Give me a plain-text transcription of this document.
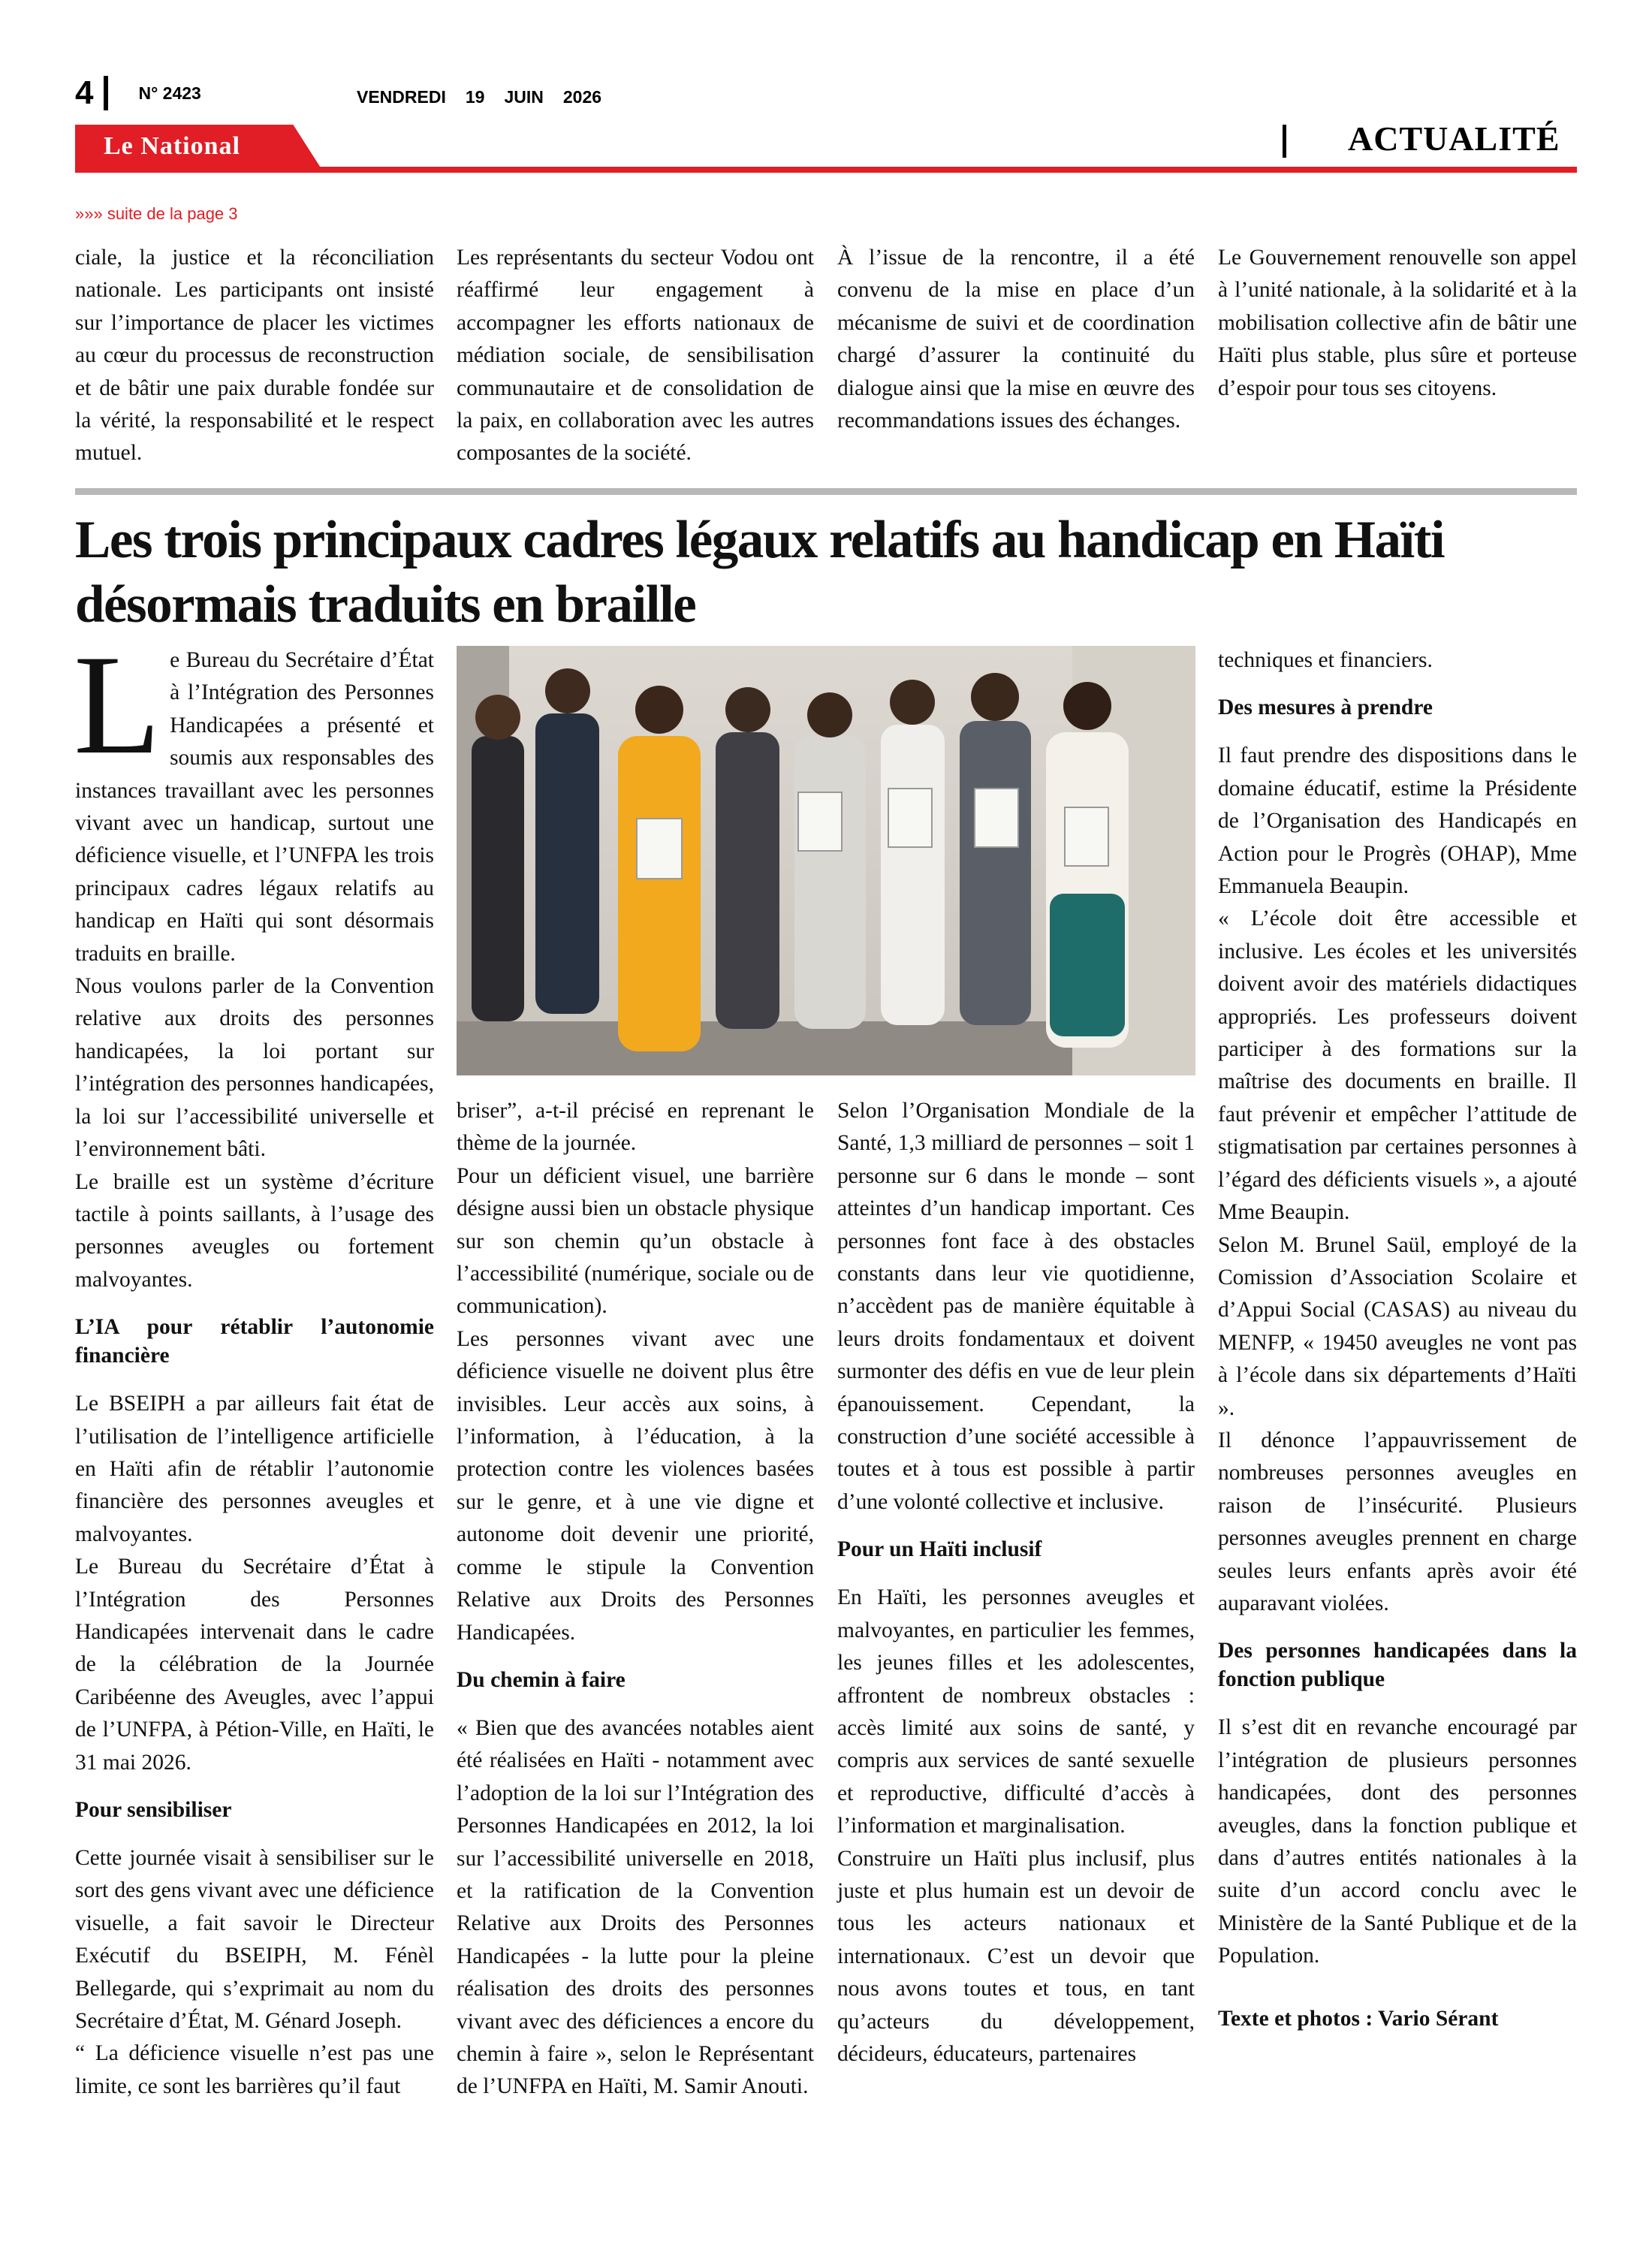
4	N° 2423	VENDREDI 19 JUIN 2026
Le National	ACTUALITÉ
»»» suite de la page 3

ciale, la justice et la réconciliation nationale. Les participants ont insisté sur l’importance de placer les victimes au cœur du processus de reconstruction et de bâtir une paix durable fondée sur la vérité, la responsabilité et le respect mutuel.

Les représentants du secteur Vodou ont réaffirmé leur engagement à accompagner les efforts nationaux de médiation sociale, de sensibilisation communautaire et de consolidation de la paix, en collaboration avec les autres composantes de la société.

À l’issue de la rencontre, il a été convenu de la mise en place d’un mécanisme de suivi et de coordination chargé d’assurer la continuité du dialogue ainsi que la mise en œuvre des recommandations issues des échanges.

Le Gouvernement renouvelle son appel à l’unité nationale, à la solidarité et à la mobilisation collective afin de bâtir une Haïti plus stable, plus sûre et porteuse d’espoir pour tous ses citoyens.

Les trois principaux cadres légaux relatifs au handicap en Haïti désormais traduits en braille

Le Bureau du Secrétaire d’État à l’Intégration des Personnes Handicapées a présenté et soumis aux responsables des instances travaillant avec les personnes vivant avec un handicap, surtout une déficience visuelle, et l’UNFPA les trois principaux cadres légaux relatifs au handicap en Haïti qui sont désormais traduits en braille.

Nous voulons parler de la Convention relative aux droits des personnes handicapées, la loi portant sur l’intégration des personnes handicapées, la loi sur l’accessibilité universelle et l’environnement bâti.

Le braille est un système d’écriture tactile à points saillants, à l’usage des personnes aveugles ou fortement malvoyantes.

L’IA pour rétablir l’autonomie financière

Le BSEIPH a par ailleurs fait état de l’utilisation de l’intelligence artificielle en Haïti afin de rétablir l’autonomie financière des personnes aveugles et malvoyantes.

Le Bureau du Secrétaire d’État à l’Intégration des Personnes Handicapées intervenait dans le cadre de la célébration de la Journée Caribéenne des Aveugles, avec l’appui de l’UNFPA, à Pétion-Ville, en Haïti, le 31 mai 2026.

Pour sensibiliser

Cette journée visait à sensibiliser sur le sort des gens vivant avec une déficience visuelle, a fait savoir le Directeur Exécutif du BSEIPH, M. Fénèl Bellegarde, qui s’exprimait au nom du Secrétaire d’État, M. Génard Joseph.

“ La déficience visuelle n’est pas une limite, ce sont les barrières qu’il faut

briser”, a-t-il précisé en reprenant le thème de la journée.

Pour un déficient visuel, une barrière désigne aussi bien un obstacle physique sur son chemin qu’un obstacle à l’accessibilité (numérique, sociale ou de communication).

Les personnes vivant avec une déficience visuelle ne doivent plus être invisibles. Leur accès aux soins, à l’information, à l’éducation, à la protection contre les violences basées sur le genre, et à une vie digne et autonome doit devenir une priorité, comme le stipule la Convention Relative aux Droits des Personnes Handicapées.

Du chemin à faire

« Bien que des avancées notables aient été réalisées en Haïti - notamment avec l’adoption de la loi sur l’Intégration des Personnes Handicapées en 2012, la loi sur l’accessibilité universelle en 2018, et la ratification de la Convention Relative aux Droits des Personnes Handicapées - la lutte pour la pleine réalisation des droits des personnes vivant avec des déficiences a encore du chemin à faire », selon le Représentant de l’UNFPA en Haïti, M. Samir Anouti.

Selon l’Organisation Mondiale de la Santé, 1,3 milliard de personnes – soit 1 personne sur 6 dans le monde – sont atteintes d’un handicap important. Ces personnes font face à des obstacles constants dans leur vie quotidienne, n’accèdent pas de manière équitable à leurs droits fondamentaux et doivent surmonter des défis en vue de leur plein épanouissement. Cependant, la construction d’une société accessible à toutes et à tous est possible à partir d’une volonté collective et inclusive.

Pour un Haïti inclusif

En Haïti, les personnes aveugles et malvoyantes, en particulier les femmes, les jeunes filles et les adolescentes, affrontent de nombreux obstacles : accès limité aux soins de santé, y compris aux services de santé sexuelle et reproductive, difficulté d’accès à l’information et marginalisation.

Construire un Haïti plus inclusif, plus juste et plus humain est un devoir de tous les acteurs nationaux et internationaux. C’est un devoir que nous avons toutes et tous, en tant qu’acteurs du développement, décideurs, éducateurs, partenaires

techniques et financiers.

Des mesures à prendre

Il faut prendre des dispositions dans le domaine éducatif, estime la Présidente de l’Organisation des Handicapés en Action pour le Progrès (OHAP), Mme Emmanuela Beaupin.

« L’école doit être accessible et inclusive. Les écoles et les universités doivent avoir des matériels didactiques appropriés. Les professeurs doivent participer à des formations sur la maîtrise des documents en braille. Il faut prévenir et empêcher l’attitude de stigmatisation par certaines personnes à l’égard des déficients visuels », a ajouté Mme Beaupin.

Selon M. Brunel Saül, employé de la Comission d’Association Scolaire et d’Appui Social (CASAS) au niveau du MENFP, « 19450 aveugles ne vont pas à l’école dans six départements d’Haïti ».

Il dénonce l’appauvrissement de nombreuses personnes aveugles en raison de l’insécurité. Plusieurs personnes aveugles prennent en charge seules leurs enfants après avoir été auparavant violées.

Des personnes handicapées dans la fonction publique

Il s’est dit en revanche encouragé par l’intégration de plusieurs personnes handicapées, dont des personnes aveugles, dans la fonction publique et dans d’autres entités nationales à la suite d’un accord conclu avec le Ministère de la Santé Publique et de la Population.

Texte et photos : Vario Sérant
